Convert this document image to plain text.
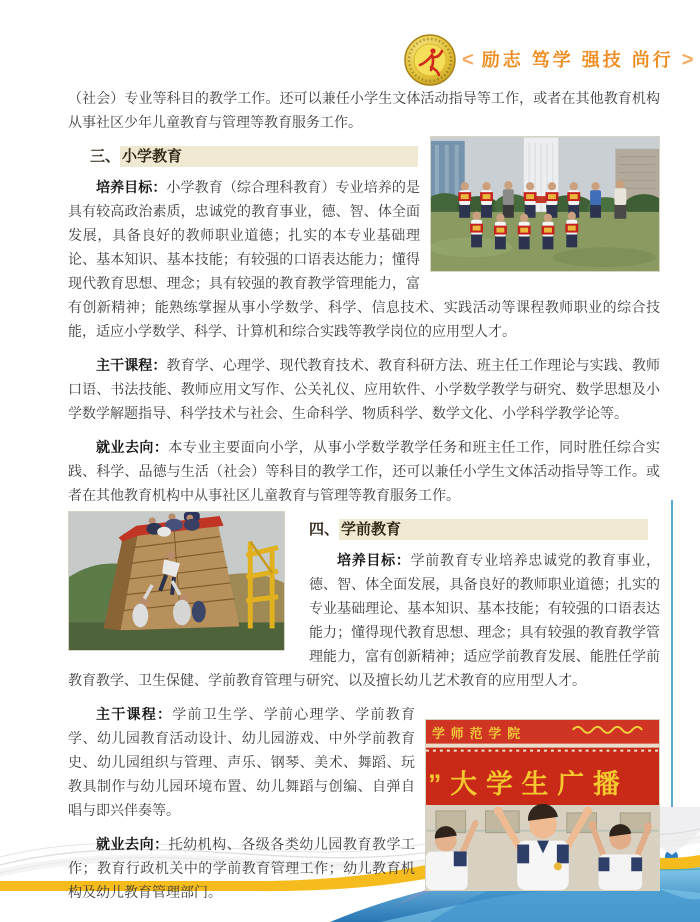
< 励志 笃学 强技 尚行 >

（社会）专业等科目的教学工作。还可以兼任小学生文体活动指导等工作，或者在其他教育机构从事社区少年儿童教育与管理等教育服务工作。

三、 小学教育

培养目标：小学教育（综合理科教育）专业培养的是具有较高政治素质，忠诚党的教育事业，德、智、体全面发展，具备良好的教师职业道德；扎实的本专业基础理论、基本知识、基本技能；有较强的口语表达能力；懂得现代教育思想、理念；具有较强的教育教学管理能力，富有创新精神；能熟练掌握从事小学数学、科学、信息技术、实践活动等课程教师职业的综合技能，适应小学数学、科学、计算机和综合实践等教学岗位的应用型人才。

主干课程：教育学、心理学、现代教育技术、教育科研方法、班主任工作理论与实践、教师口语、书法技能、教师应用文写作、公关礼仪、应用软件、小学数学教学与研究、数学思想及小学数学解题指导、科学技术与社会、生命科学、物质科学、数学文化、小学科学教学论等。

就业去向：本专业主要面向小学，从事小学数学教学任务和班主任工作，同时胜任综合实践、科学、品德与生活（社会）等科目的教学工作，还可以兼任小学生文体活动指导等工作。或者在其他教育机构中从事社区儿童教育与管理等教育服务工作。

四、 学前教育

培养目标：学前教育专业培养忠诚党的教育事业，德、智、体全面发展，具备良好的教师职业道德；扎实的专业基础理论、基本知识、基本技能；有较强的口语表达能力；懂得现代教育思想、理念；具有较强的教育教学管理能力，富有创新精神；适应学前教育发展、能胜任学前教育教学、卫生保健、学前教育管理与研究、以及擅长幼儿艺术教育的应用型人才。

学师范学院
”大学生广播

主干课程：学前卫生学、学前心理学、学前教育学、幼儿园教育活动设计、幼儿园游戏、中外学前教育史、幼儿园组织与管理、声乐、钢琴、美术、舞蹈、玩教具制作与幼儿园环境布置、幼儿舞蹈与创编、自弹自唱与即兴伴奏等。

就业去向：托幼机构、各级各类幼儿园教育教学工作；教育行政机关中的学前教育管理工作；幼儿教育机构及幼儿教育管理部门。
